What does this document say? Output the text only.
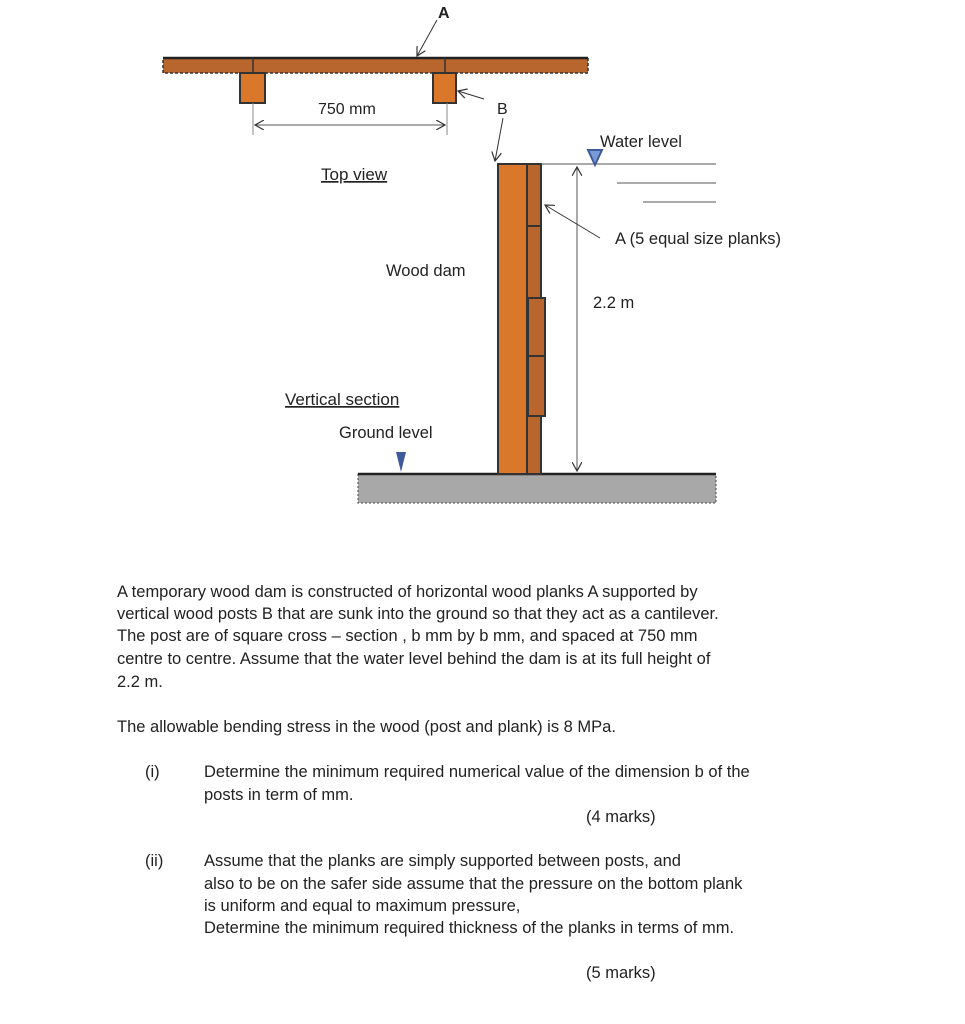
A
B
750 mm
Top view
Water level
A (5 equal size planks)
Wood dam
2.2 m
Vertical section
Ground level
A temporary wood dam is constructed of horizontal wood planks A supported by
vertical wood posts B that are sunk into the ground so that they act as a cantilever.
The post are of square cross – section , b mm by b mm, and spaced at 750 mm
centre to centre. Assume that the water level behind the dam is at its full height of
2.2 m.
The allowable bending stress in the wood (post and plank) is 8 MPa.
(i)	Determine the minimum required numerical value of the dimension b of the
posts in term of mm.
(4 marks)
(ii) Assume that the planks are simply supported between posts, and
also to be on the safer side assume that the pressure on the bottom plank
is uniform and equal to maximum pressure,
Determine the minimum required thickness of the planks in terms of mm.
(5 marks)
